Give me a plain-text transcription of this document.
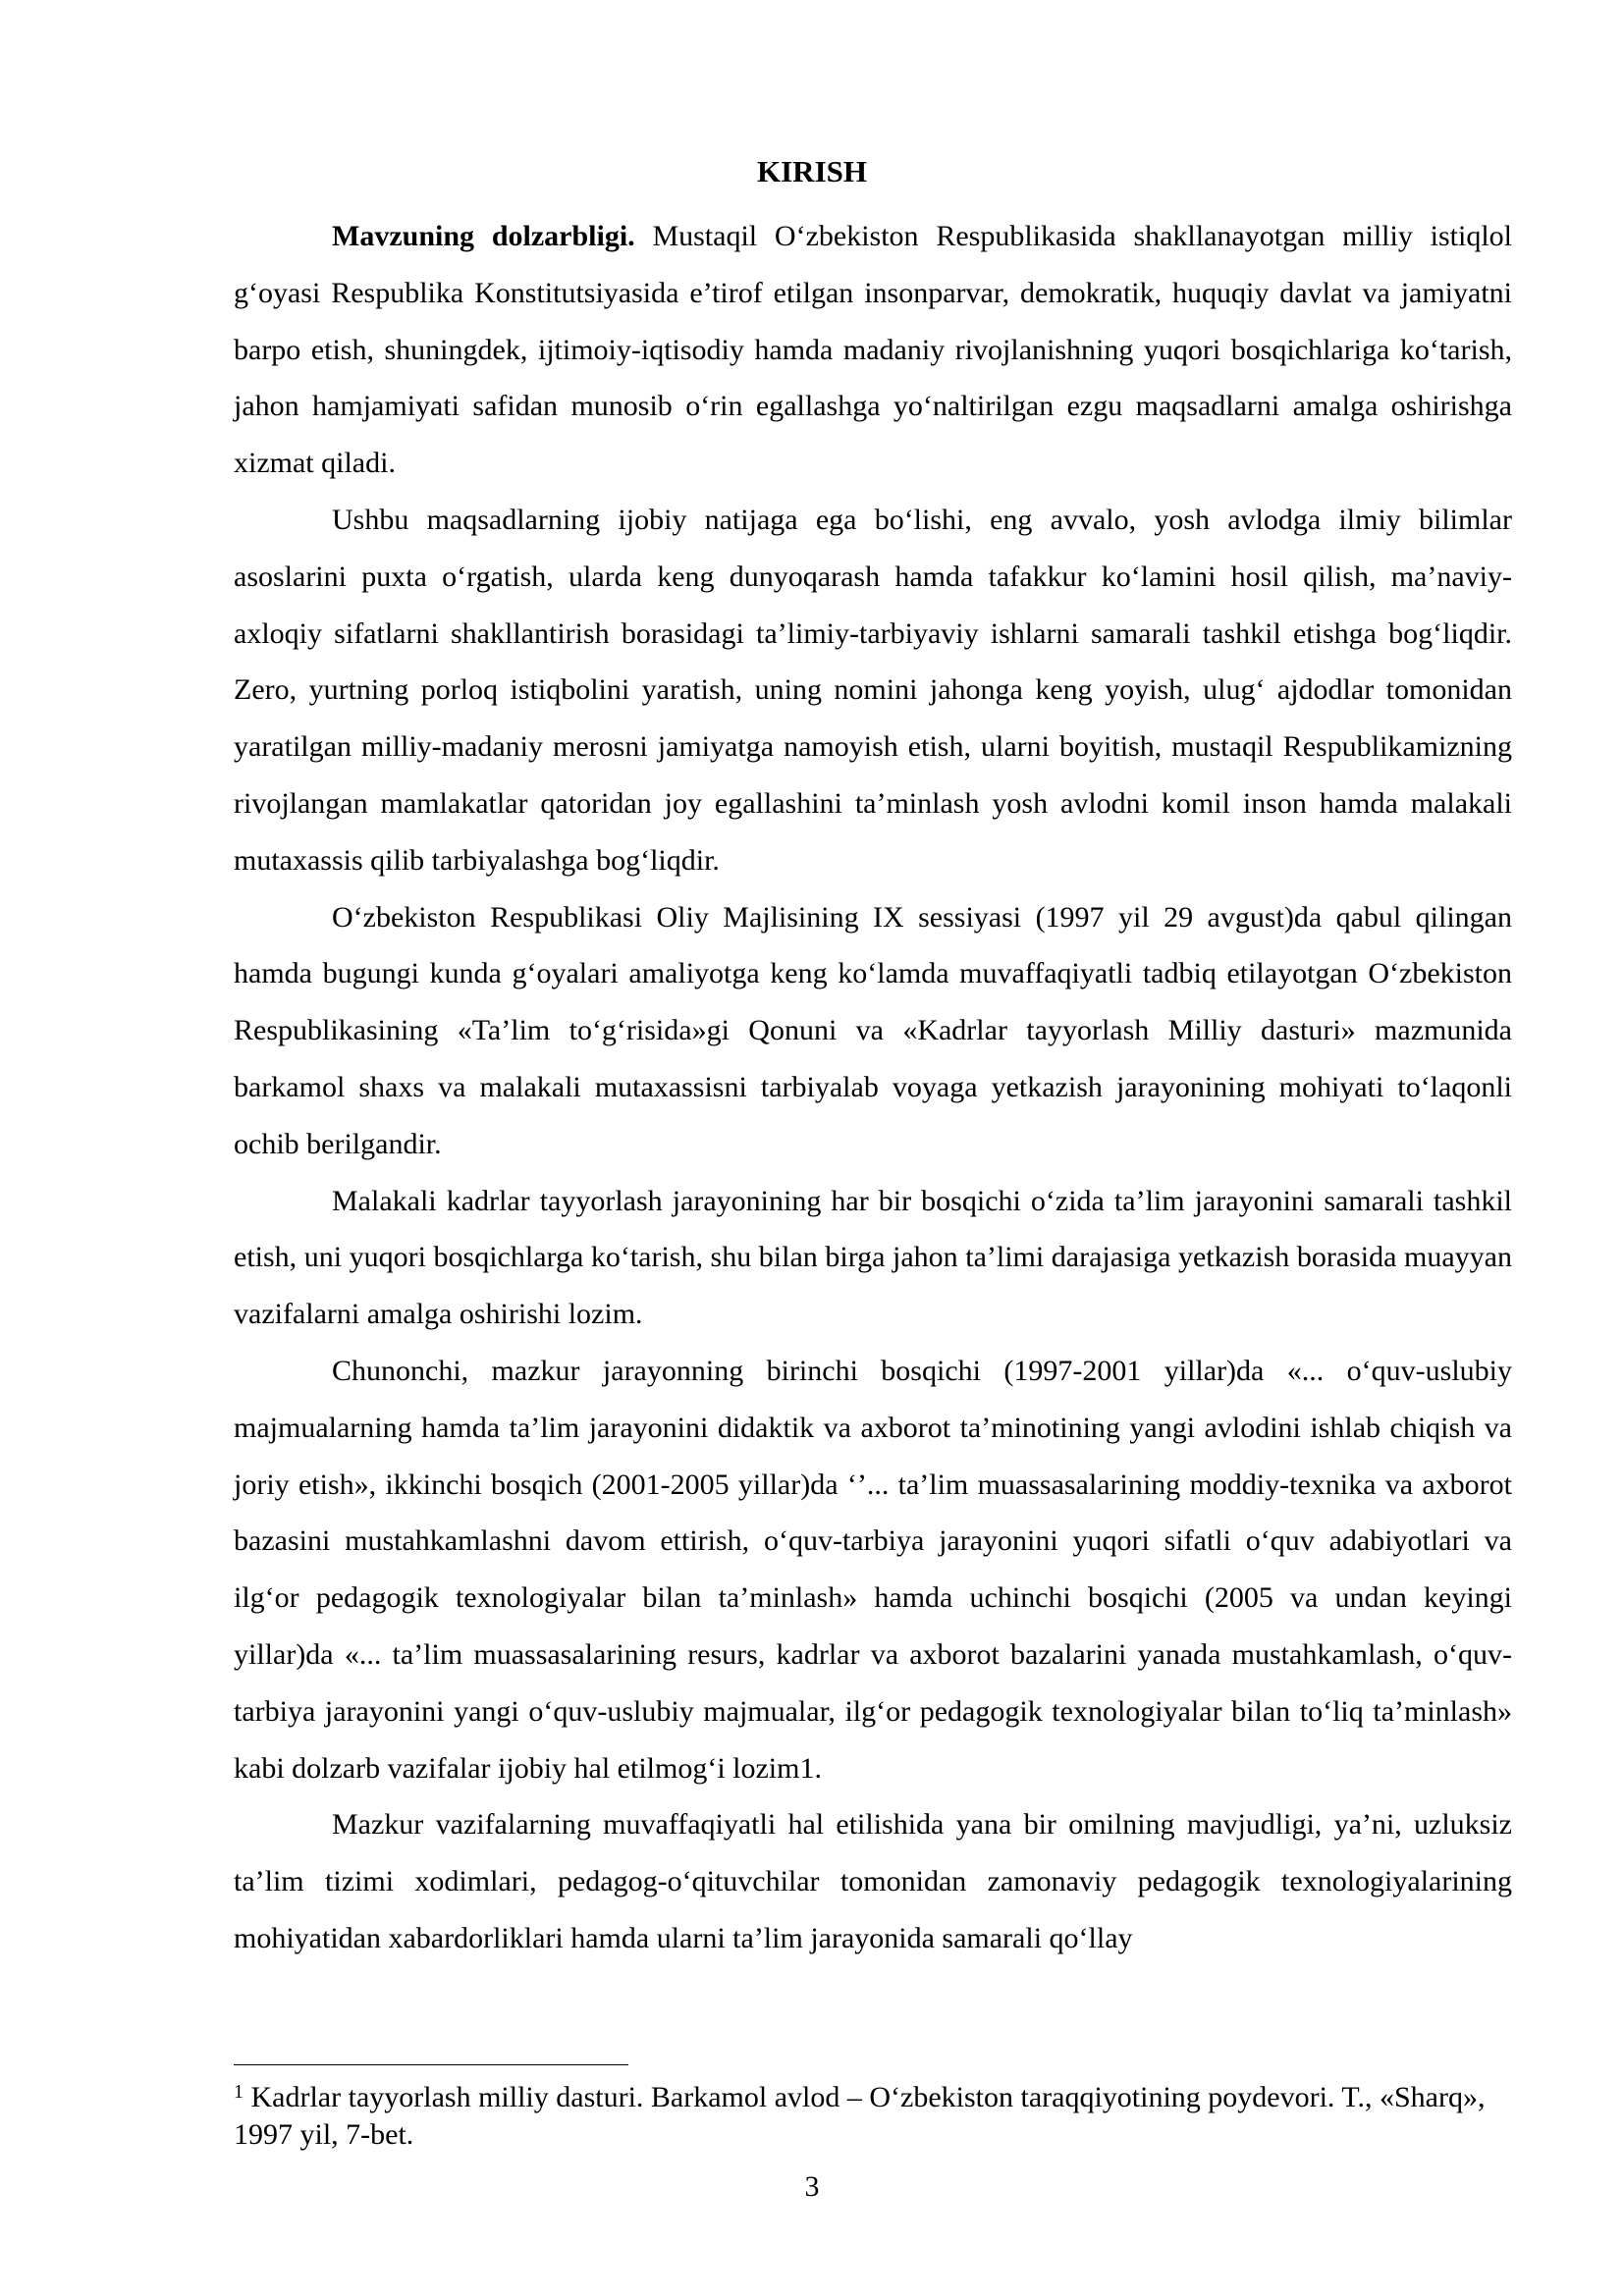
KIRISH

Mavzuning dolzarbligi. Mustaqil O‘zbekiston Respublikasida shakllanayotgan milliy istiqlol g‘oyasi Respublika Konstitutsiyasida e’tirof etilgan insonparvar, demokratik, huquqiy davlat va jamiyatni barpo etish, shuningdek, ijtimoiy-iqtisodiy hamda madaniy rivojlanishning yuqori bosqichlariga ko‘tarish, jahon hamjamiyati safidan munosib o‘rin egallashga yo‘naltirilgan ezgu maqsadlarni amalga oshirishga xizmat qiladi.

Ushbu maqsadlarning ijobiy natijaga ega bo‘lishi, eng avvalo, yosh avlodga ilmiy bilimlar asoslarini puxta o‘rgatish, ularda keng dunyoqarash hamda tafakkur ko‘lamini hosil qilish, ma’naviy-axloqiy sifatlarni shakllantirish borasidagi ta’limiy-tarbiyaviy ishlarni samarali tashkil etishga bog‘liqdir. Zero, yurtning porloq istiqbolini yaratish, uning nomini jahonga keng yoyish, ulug‘ ajdodlar tomonidan yaratilgan milliy-madaniy merosni jamiyatga namoyish etish, ularni boyitish, mustaqil Respublikamizning rivojlangan mamlakatlar qatoridan joy egallashini ta’minlash yosh avlodni komil inson hamda malakali mutaxassis qilib tarbiyalashga bog‘liqdir.

O‘zbekiston Respublikasi Oliy Majlisining IX sessiyasi (1997 yil 29 avgust)da qabul qilingan hamda bugungi kunda g‘oyalari amaliyotga keng ko‘lamda muvaffaqiyatli tadbiq etilayotgan O‘zbekiston Respublikasining «Ta’lim to‘g‘risida»gi Qonuni va «Kadrlar tayyorlash Milliy dasturi» mazmunida barkamol shaxs va malakali mutaxassisni tarbiyalab voyaga yetkazish jarayonining mohiyati to‘laqonli ochib berilgandir.

Malakali kadrlar tayyorlash jarayonining har bir bosqichi o‘zida ta’lim jarayonini samarali tashkil etish, uni yuqori bosqichlarga ko‘tarish, shu bilan birga jahon ta’limi darajasiga yetkazish borasida muayyan vazifalarni amalga oshirishi lozim.

Chunonchi, mazkur jarayonning birinchi bosqichi (1997-2001 yillar)da «... o‘quv-uslubiy majmualarning hamda ta’lim jarayonini didaktik va axborot ta’minotining yangi avlodini ishlab chiqish va joriy etish», ikkinchi bosqich (2001-2005 yillar)da ‘’... ta’lim muassasalarining moddiy-texnika va axborot bazasini mustahkamlashni davom ettirish, o‘quv-tarbiya jarayonini yuqori sifatli o‘quv adabiyotlari va ilg‘or pedagogik texnologiyalar bilan ta’minlash» hamda uchinchi bosqichi (2005 va undan keyingi yillar)da «... ta’lim muassasalarining resurs, kadrlar va axborot bazalarini yanada mustahkamlash, o‘quv-tarbiya jarayonini yangi o‘quv-uslubiy majmualar, ilg‘or pedagogik texnologiyalar bilan to‘liq ta’minlash» kabi dolzarb vazifalar ijobiy hal etilmog‘i lozim1.

Mazkur vazifalarning muvaffaqiyatli hal etilishida yana bir omilning mavjudligi, ya’ni, uzluksiz ta’lim tizimi xodimlari, pedagog-o‘qituvchilar tomonidan zamonaviy pedagogik texnologiyalarining mohiyatidan xabardorliklari hamda ularni ta’lim jarayonida samarali qo‘llay

$^1$ Kadrlar tayyorlash milliy dasturi. Barkamol avlod – O‘zbekiston taraqqiyotining poydevori. T., «Sharq», 1997 yil, 7-bet.
3
